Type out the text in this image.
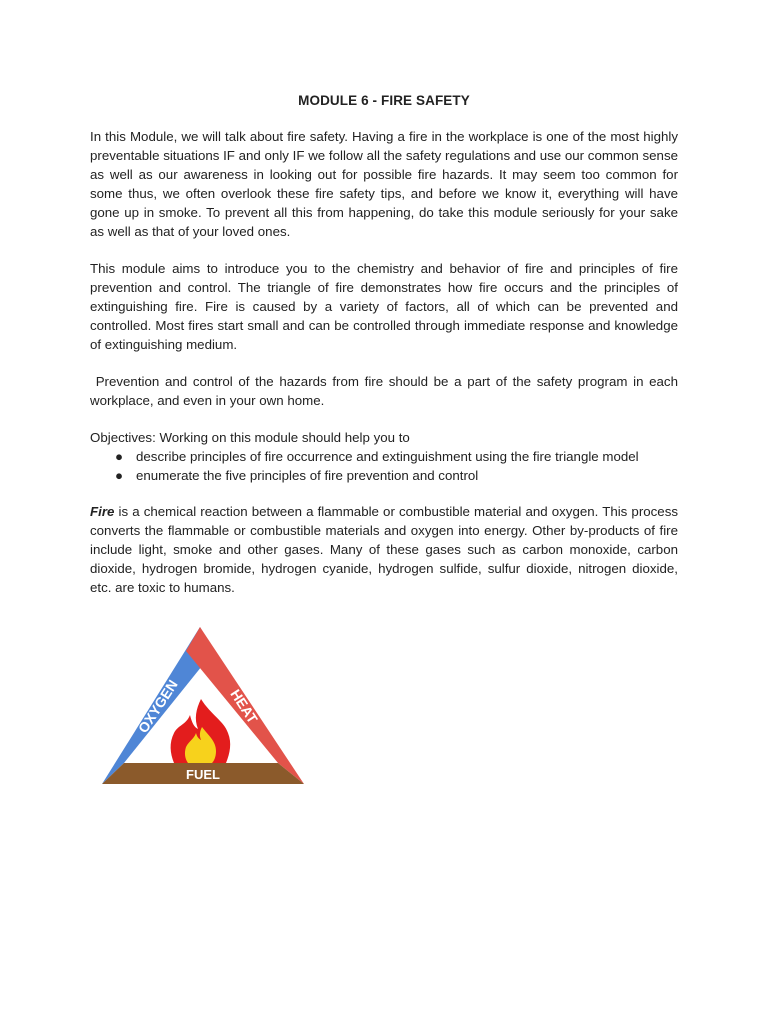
MODULE 6 - FIRE SAFETY

In this Module, we will talk about fire safety. Having a fire in the workplace is one of the most highly preventable situations IF and only IF we follow all the safety regulations and use our common sense as well as our awareness in looking out for possible fire hazards. It may seem too common for some thus, we often overlook these fire safety tips, and before we know it, everything will have gone up in smoke. To prevent all this from happening, do take this module seriously for your sake as well as that of your loved ones.

This module aims to introduce you to the chemistry and behavior of fire and principles of fire prevention and control. The triangle of fire demonstrates how fire occurs and the principles of extinguishing fire. Fire is caused by a variety of factors, all of which can be prevented and controlled. Most fires start small and can be controlled through immediate response and knowledge of extinguishing medium.

Prevention and control of the hazards from fire should be a part of the safety program in each workplace, and even in your own home.

Objectives: Working on this module should help you to

● describe principles of fire occurrence and extinguishment using the fire triangle model
● enumerate the five principles of fire prevention and control

Fire is a chemical reaction between a flammable or combustible material and oxygen. This process converts the flammable or combustible materials and oxygen into energy. Other by-products of fire include light, smoke and other gases. Many of these gases such as carbon monoxide, carbon dioxide, hydrogen bromide, hydrogen cyanide, hydrogen sulfide, sulfur dioxide, nitrogen dioxide, etc. are toxic to humans.

OXYGEN	HEAT
FUEL
